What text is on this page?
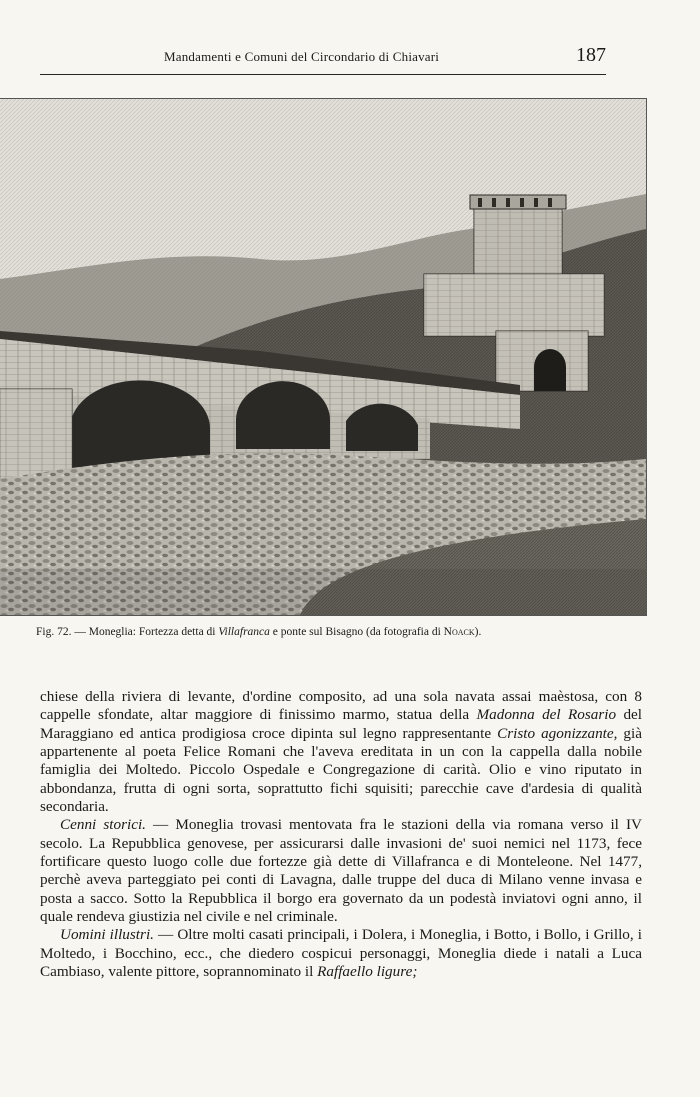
Mandamenti e Comuni del Circondario di Chiavari	187
Fig. 72. — Moneglia: Fortezza detta di Villafranca e ponte sul Bisagno (da fotografia di Noack).

chiese della riviera di levante, d'ordine composito, ad una sola navata assai maèstosa, con 8 cappelle sfondate, altar maggiore di finissimo marmo, statua della Madonna del Rosario del Maraggiano ed antica prodigiosa croce dipinta sul legno rappresentante Cristo agonizzante, già appartenente al poeta Felice Romani che l'aveva ereditata in un con la cappella dalla nobile famiglia dei Moltedo. Piccolo Ospedale e Congregazione di carità. Olio e vino riputato in abbondanza, frutta di ogni sorta, soprattutto fichi squisiti; parecchie cave d'ardesia di qualità secondaria.

Cenni storici. — Moneglia trovasi mentovata fra le stazioni della via romana verso il IV secolo. La Repubblica genovese, per assicurarsi dalle invasioni de' suoi nemici nel 1173, fece fortificare questo luogo colle due fortezze già dette di Villafranca e di Monteleone. Nel 1477, perchè aveva parteggiato pei conti di Lavagna, dalle truppe del duca di Milano venne invasa e posta a sacco. Sotto la Repubblica il borgo era governato da un podestà inviatovi ogni anno, il quale rendeva giustizia nel civile e nel criminale.

Uomini illustri. — Oltre molti casati principali, i Dolera, i Moneglia, i Botto, i Bollo, i Grillo, i Moltedo, i Bocchino, ecc., che diedero cospicui personaggi, Moneglia diede i natali a Luca Cambiaso, valente pittore, soprannominato il Raffaello ligure;
